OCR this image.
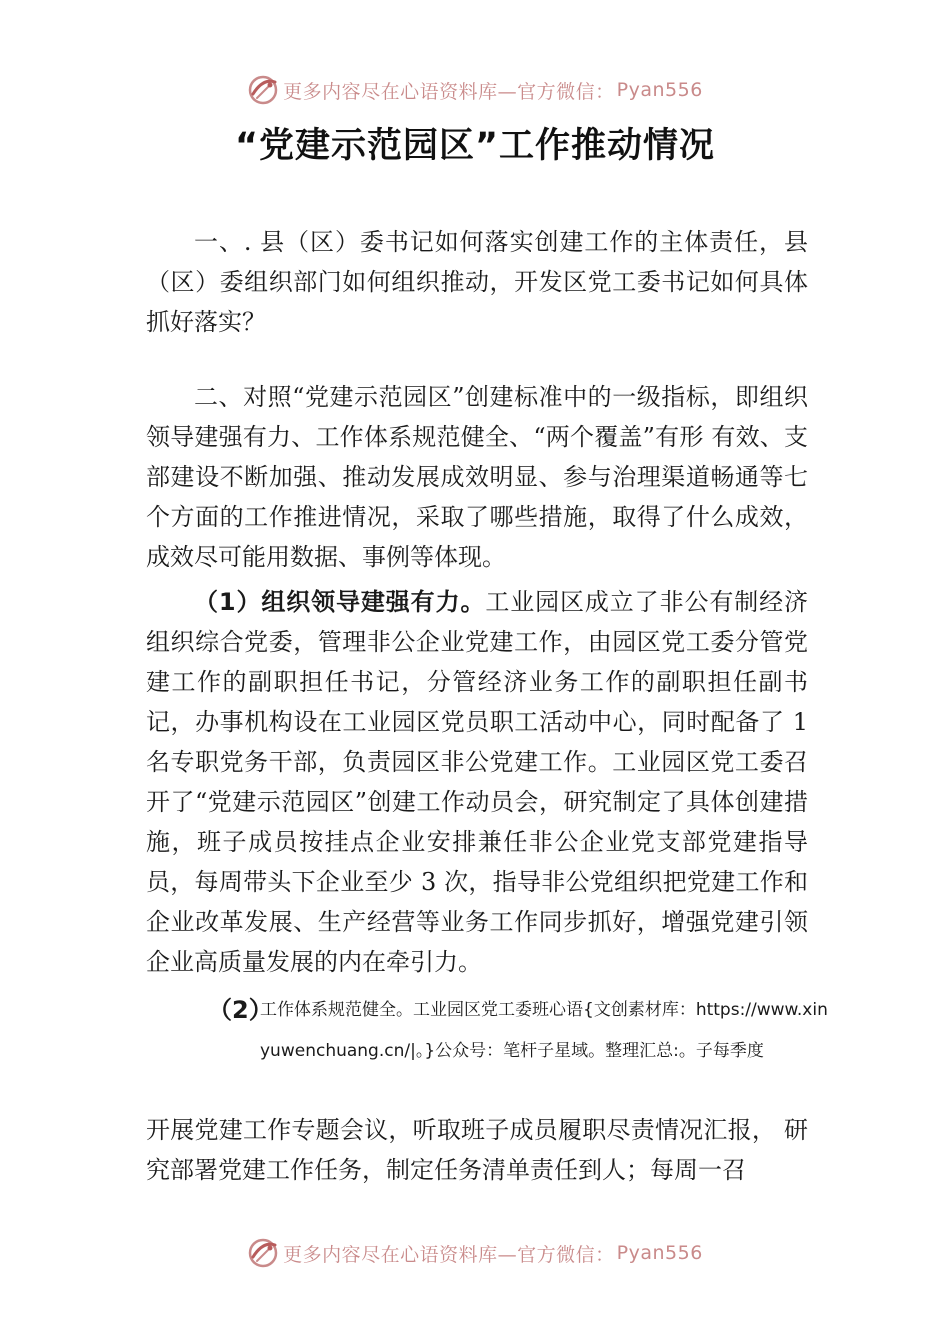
更多内容尽在心语资料库—官方微信： Pyan556
“党建示范园区”工作推动情况

一、. 县（区）委书记如何落实创建工作的主体责任，县（区）委组织部门如何组织推动，开发区党工委书记如何具体抓好落实？

二、对照“党建示范园区”创建标准中的一级指标，即组织领导建强有力、工作体系规范健全、“两个覆盖”有形 有效、支部建设不断加强、推动发展成效明显、参与治理渠道畅通等七个方面的工作推进情况，采取了哪些措施，取得了什么成效，成效尽可能用数据、事例等体现。

（1）组织领导建强有力。工业园区成立了非公有制经济组织综合党委，管理非公企业党建工作，由园区党工委分管党建工作的副职担任书记，分管经济业务工作的副职担任副书记，办事机构设在工业园区党员职工活动中心，同时配备了 1 名专职党务干部，负责园区非公党建工作。工业园区党工委召开了“党建示范园区”创建工作动员会，研究制定了具体创建措施，班子成员按挂点企业安排兼任非公企业党支部党建指导员，每周带头下企业至少 3 次，指导非公党组织把党建工作和企业改革发展、生产经营等业务工作同步抓好，增强党建引领企业高质量发展的内在牵引力。

（2）
工作体系规范健全。工业园区党工委班心语{文创素材库：https://www.xinyuwenchuang.cn/|。}公众号：笔杆子星域。整理汇总:。子每季度

开展党建工作专题会议，听取班子成员履职尽责情况汇报， 研究部署党建工作任务，制定任务清单责任到人；每周一召

更多内容尽在心语资料库—官方微信： Pyan556
